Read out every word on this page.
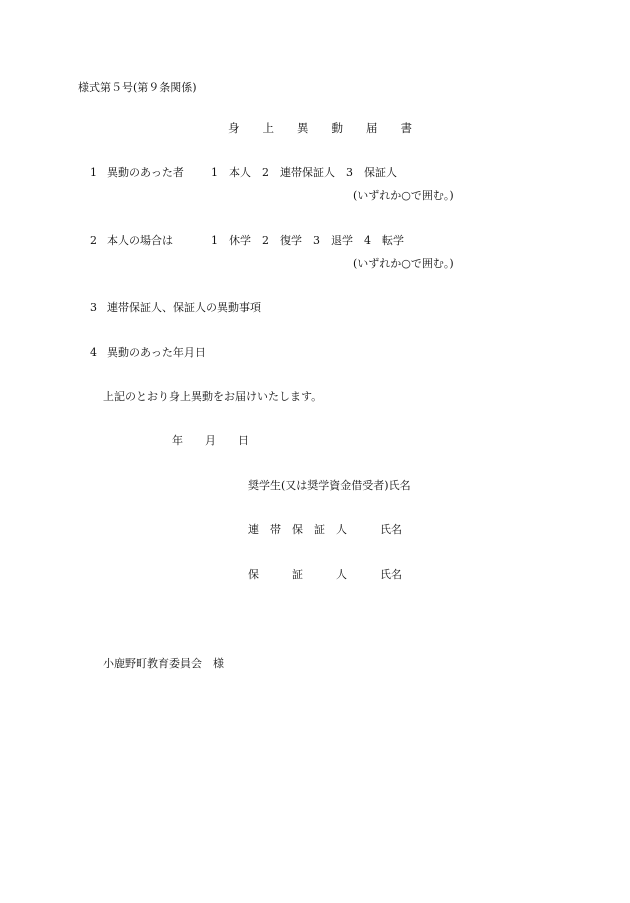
様式第５号(第９条関係)
身　　上　　異　　動　　届　　書
1 異動のあった者 1　本人　2　連帯保証人　3　保証人
(いずれか○で囲む。)
2 本人の場合は	1　休学　2　復学　3　退学　4　転学
(いずれか○で囲む。)
3 連帯保証人、保証人の異動事項
4 異動のあった年月日
上記のとおり身上異動をお届けいたします。
年　　月　　日
奨学生(又は奨学資金借受者)氏名
連　帯　保　証　人　　　氏名
保　　　証　　　人　　　氏名
小鹿野町教育委員会　様
